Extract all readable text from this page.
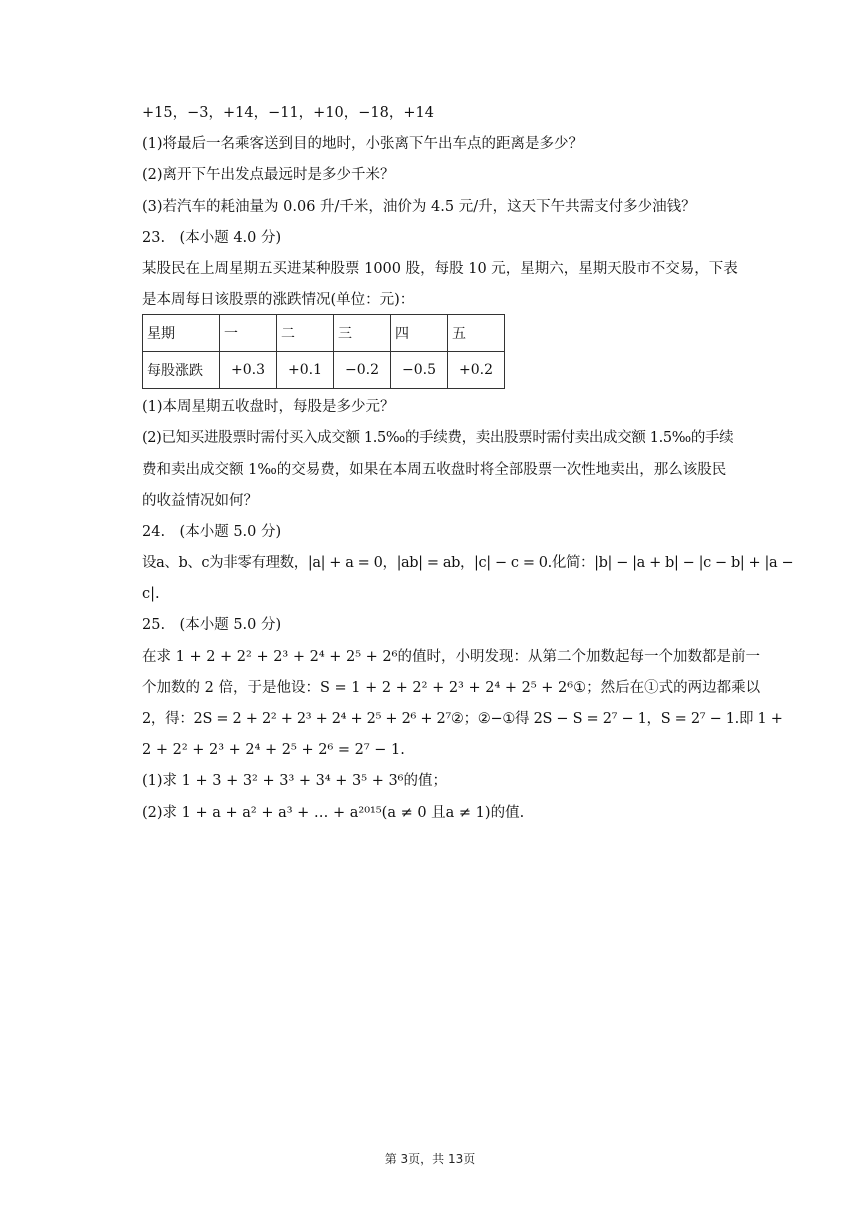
+15，−3，+14，−11，+10，−18，+14
(1)将最后一名乘客送到目的地时，小张离下午出车点的距离是多少？
(2)离开下午出发点最远时是多少千米？
(3)若汽车的耗油量为 0.06 升/千米，油价为 4.5 元/升，这天下午共需支付多少油钱？
23.　(本小题 4.0 分)
某股民在上周星期五买进某种股票 1000 股，每股 10 元，星期六，星期天股市不交易，下表
是本周每日该股票的涨跌情况(单位：元)：
星期	一	二	三	四	五
每股涨跌	+0.3	+0.1	−0.2	−0.5	+0.2
(1)本周星期五收盘时，每股是多少元？
(2)已知买进股票时需付买入成交额 1.5‰的手续费，卖出股票时需付卖出成交额 1.5‰的手续
费和卖出成交额 1‰的交易费，如果在本周五收盘时将全部股票一次性地卖出，那么该股民
的收益情况如何？
24.　(本小题 5.0 分)
设a、b、c为非零有理数，|a| + a = 0，|ab| = ab，|c| − c = 0.化简：|b| − |a + b| − |c − b| + |a −
c|.
25.　(本小题 5.0 分)
在求 1 + 2 + 2² + 2³ + 2⁴ + 2⁵ + 2⁶的值时，小明发现：从第二个加数起每一个加数都是前一
个加数的 2 倍，于是他设：S = 1 + 2 + 2² + 2³ + 2⁴ + 2⁵ + 2⁶①；然后在①式的两边都乘以
2，得：2S = 2 + 2² + 2³ + 2⁴ + 2⁵ + 2⁶ + 2⁷②；②−①得 2S − S = 2⁷ − 1，S = 2⁷ − 1.即 1 +
2 + 2² + 2³ + 2⁴ + 2⁵ + 2⁶ = 2⁷ − 1.
(1)求 1 + 3 + 3² + 3³ + 3⁴ + 3⁵ + 3⁶的值；
(2)求 1 + a + a² + a³ + … + a²⁰¹⁵(a ≠ 0 且a ≠ 1)的值.
第 3页，共 13页
